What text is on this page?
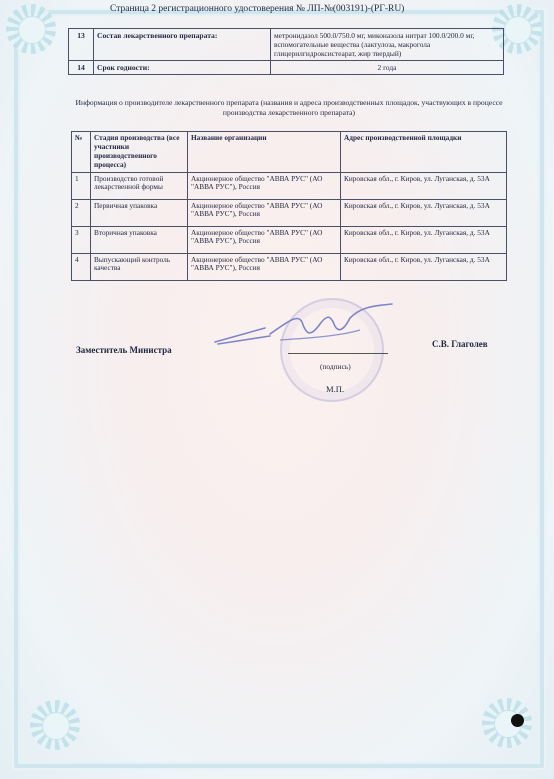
Страница 2 регистрационного удостоверения № ЛП-№(003191)-(РГ-RU)
13	Состав лекарственного препарата:	метронидазол 500.0/750.0 мг, миконазола нитрат 100.0/200.0 мг, вспомогательные вещества (лактулоза, макрогола глицерилгидроксистеарат, жир твердый)
14	Срок годности:	2 года
Информация о производителе лекарственного препарата (названия и адреса производственных площадок, участвующих в процессе производства лекарственного препарата)
№	Стадия производства (все участники производственного процесса)	Название организации	Адрес производственной площадки
1	Производство готовой лекарственной формы	Акционерное общество "АВВА РУС" (АО "АВВА РУС"), Россия	Кировская обл., г. Киров, ул. Луганская, д. 53А
2	Первичная упаковка	Акционерное общество "АВВА РУС" (АО "АВВА РУС"), Россия	Кировская обл., г. Киров, ул. Луганская, д. 53А
3	Вторичная упаковка	Акционерное общество "АВВА РУС" (АО "АВВА РУС"), Россия	Кировская обл., г. Киров, ул. Луганская, д. 53А
4	Выпускающий контроль качества	Акционерное общество "АВВА РУС" (АО "АВВА РУС"), Россия	Кировская обл., г. Киров, ул. Луганская, д. 53А
Заместитель Министра
(подпись)
М.П.
С.В. Глаголев
